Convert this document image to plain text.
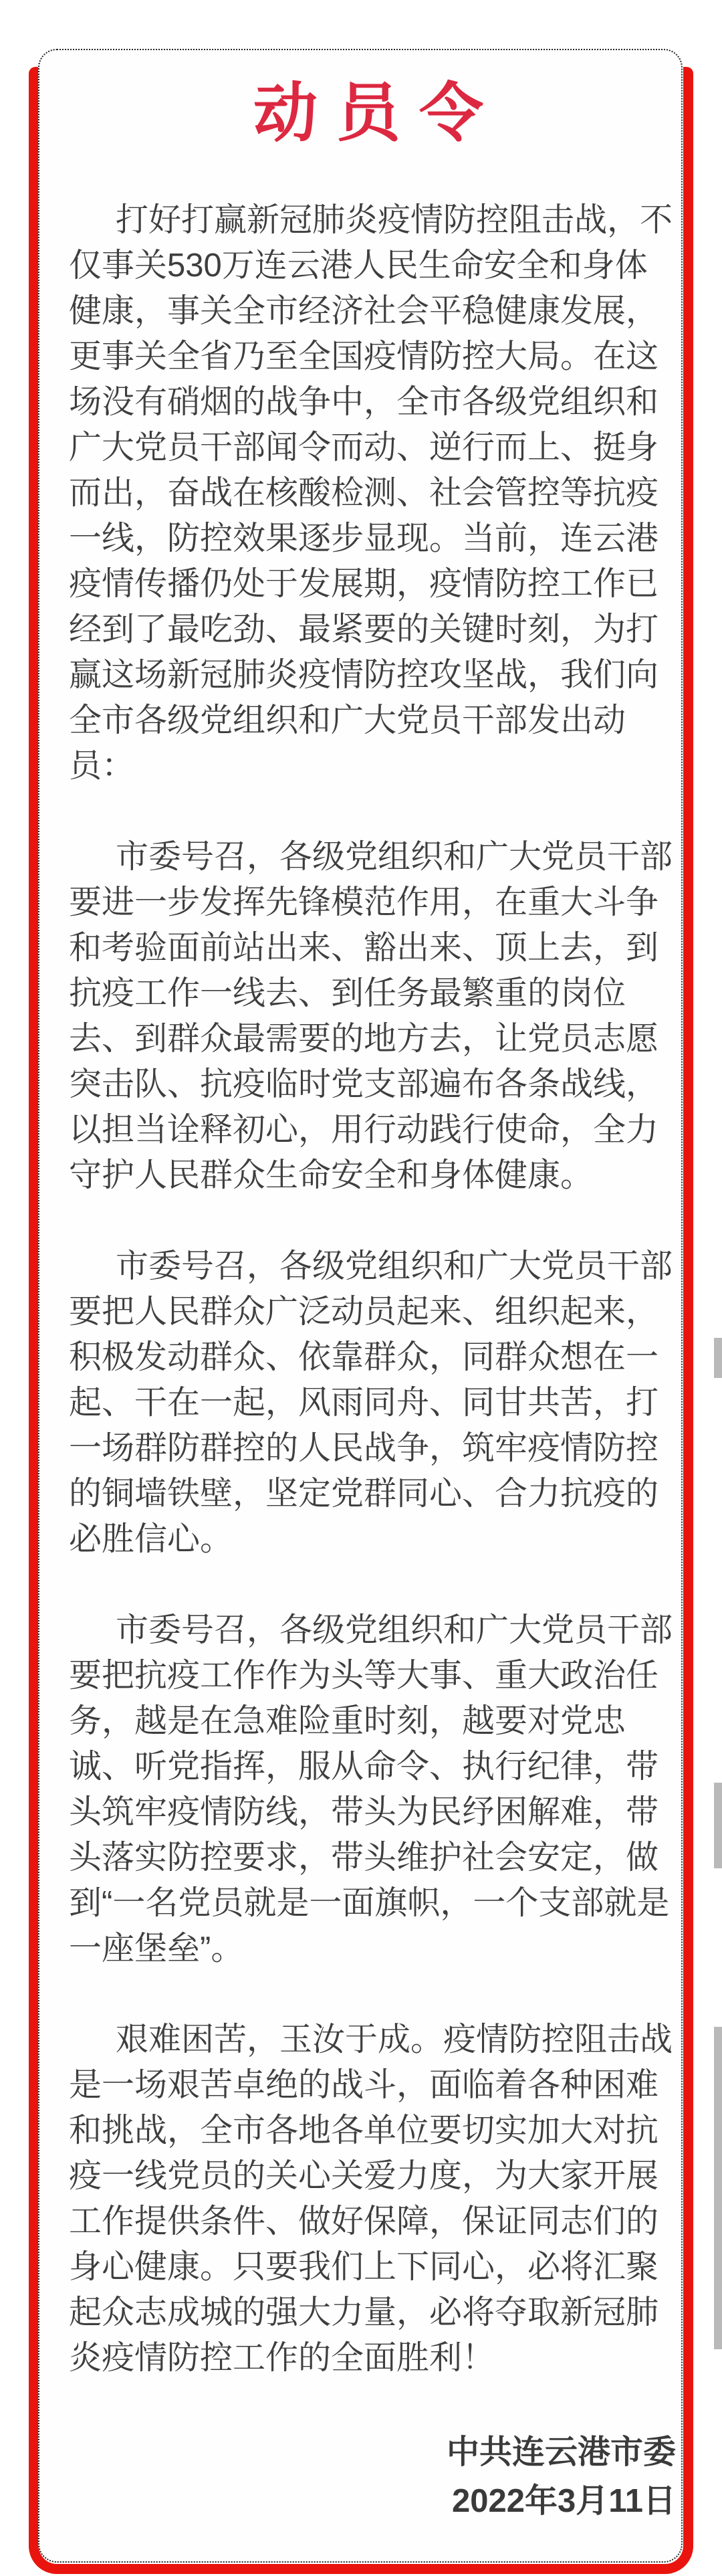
动员令

打好打赢新冠肺炎疫情防控阻击战，不仅事关530万连云港人民生命安全和身体健康，事关全市经济社会平稳健康发展，更事关全省乃至全国疫情防控大局。在这场没有硝烟的战争中，全市各级党组织和广大党员干部闻令而动、逆行而上、挺身而出，奋战在核酸检测、社会管控等抗疫一线，防控效果逐步显现。当前，连云港疫情传播仍处于发展期，疫情防控工作已经到了最吃劲、最紧要的关键时刻，为打赢这场新冠肺炎疫情防控攻坚战，我们向全市各级党组织和广大党员干部发出动员：

市委号召，各级党组织和广大党员干部要进一步发挥先锋模范作用，在重大斗争和考验面前站出来、豁出来、顶上去，到抗疫工作一线去、到任务最繁重的岗位去、到群众最需要的地方去，让党员志愿突击队、抗疫临时党支部遍布各条战线，以担当诠释初心，用行动践行使命，全力守护人民群众生命安全和身体健康。

市委号召，各级党组织和广大党员干部要把人民群众广泛动员起来、组织起来，积极发动群众、依靠群众，同群众想在一起、干在一起，风雨同舟、同甘共苦，打一场群防群控的人民战争，筑牢疫情防控的铜墙铁壁，坚定党群同心、合力抗疫的必胜信心。

市委号召，各级党组织和广大党员干部要把抗疫工作作为头等大事、重大政治任务，越是在急难险重时刻，越要对党忠诚、听党指挥，服从命令、执行纪律，带头筑牢疫情防线，带头为民纾困解难，带头落实防控要求，带头维护社会安定，做到“一名党员就是一面旗帜，一个支部就是一座堡垒”。

艰难困苦，玉汝于成。疫情防控阻击战是一场艰苦卓绝的战斗，面临着各种困难和挑战，全市各地各单位要切实加大对抗疫一线党员的关心关爱力度，为大家开展工作提供条件、做好保障，保证同志们的身心健康。只要我们上下同心，必将汇聚起众志成城的强大力量，必将夺取新冠肺炎疫情防控工作的全面胜利！

中共连云港市委
2022年3月11日
